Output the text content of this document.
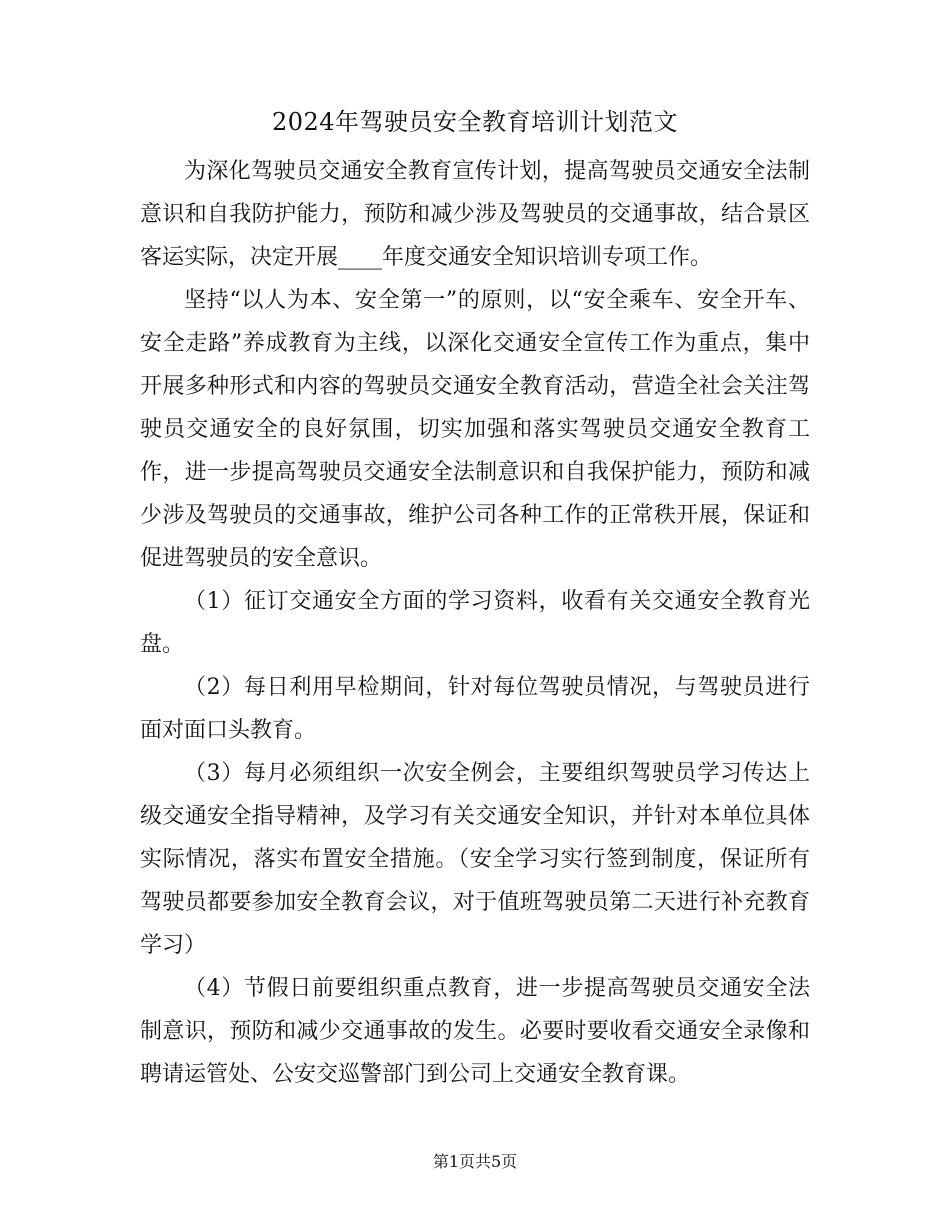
2024年驾驶员安全教育培训计划范文

为深化驾驶员交通安全教育宣传计划，提高驾驶员交通安全法制意识和自我防护能力，预防和减少涉及驾驶员的交通事故，结合景区客运实际，决定开展____年度交通安全知识培训专项工作。

坚持“以人为本、安全第一”的原则，以“安全乘车、安全开车、安全走路”养成教育为主线，以深化交通安全宣传工作为重点，集中开展多种形式和内容的驾驶员交通安全教育活动，营造全社会关注驾驶员交通安全的良好氛围，切实加强和落实驾驶员交通安全教育工作，进一步提高驾驶员交通安全法制意识和自我保护能力，预防和减少涉及驾驶员的交通事故，维护公司各种工作的正常秩开展，保证和促进驾驶员的安全意识。

（1）征订交通安全方面的学习资料，收看有关交通安全教育光盘。

（2）每日利用早检期间，针对每位驾驶员情况，与驾驶员进行面对面口头教育。

（3）每月必须组织一次安全例会，主要组织驾驶员学习传达上级交通安全指导精神，及学习有关交通安全知识，并针对本单位具体实际情况，落实布置安全措施。（安全学习实行签到制度，保证所有驾驶员都要参加安全教育会议，对于值班驾驶员第二天进行补充教育学习）

（4）节假日前要组织重点教育，进一步提高驾驶员交通安全法制意识，预防和减少交通事故的发生。必要时要收看交通安全录像和聘请运管处、公安交巡警部门到公司上交通安全教育课。

第1页共5页
